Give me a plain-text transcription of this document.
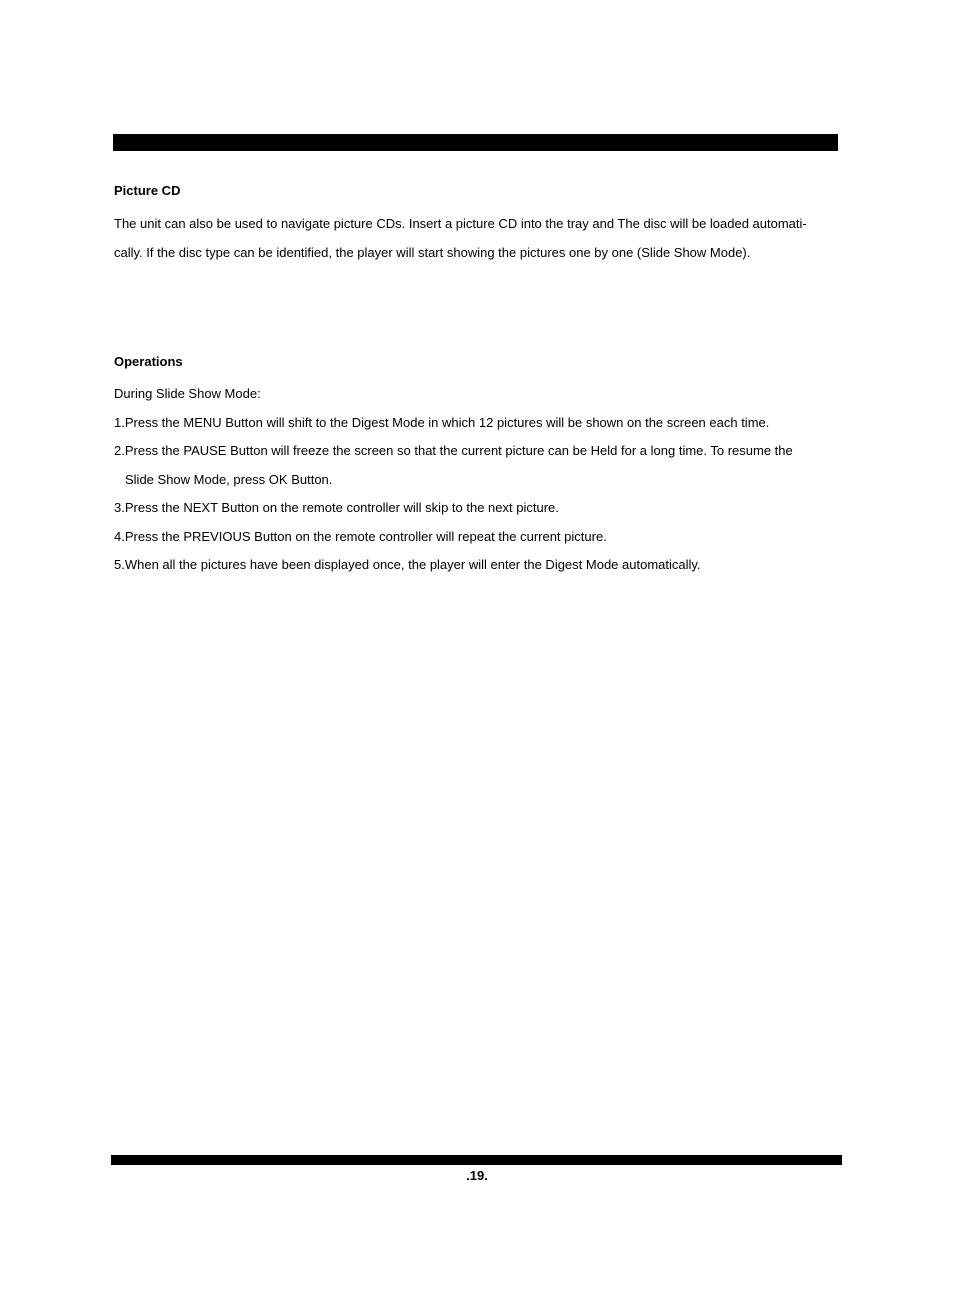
Picture CD

The unit can also be used to navigate picture CDs. Insert a picture CD into the tray and The disc will be loaded automati-

cally. If the disc type can be identified, the player will start showing the pictures one by one (Slide Show Mode).

Operations

During Slide Show Mode:

1.Press the MENU Button will shift to the Digest Mode in which 12 pictures will be shown on the screen each time.

2.Press the PAUSE Button will freeze the screen so that the current picture can be Held for a long time. To resume the

Slide Show Mode, press OK Button.

3.Press the NEXT Button on the remote controller will skip to the next picture.

4.Press the PREVIOUS Button on the remote controller will repeat the current picture.

5.When all the pictures have been displayed once, the player will enter the Digest Mode automatically.

.19.
